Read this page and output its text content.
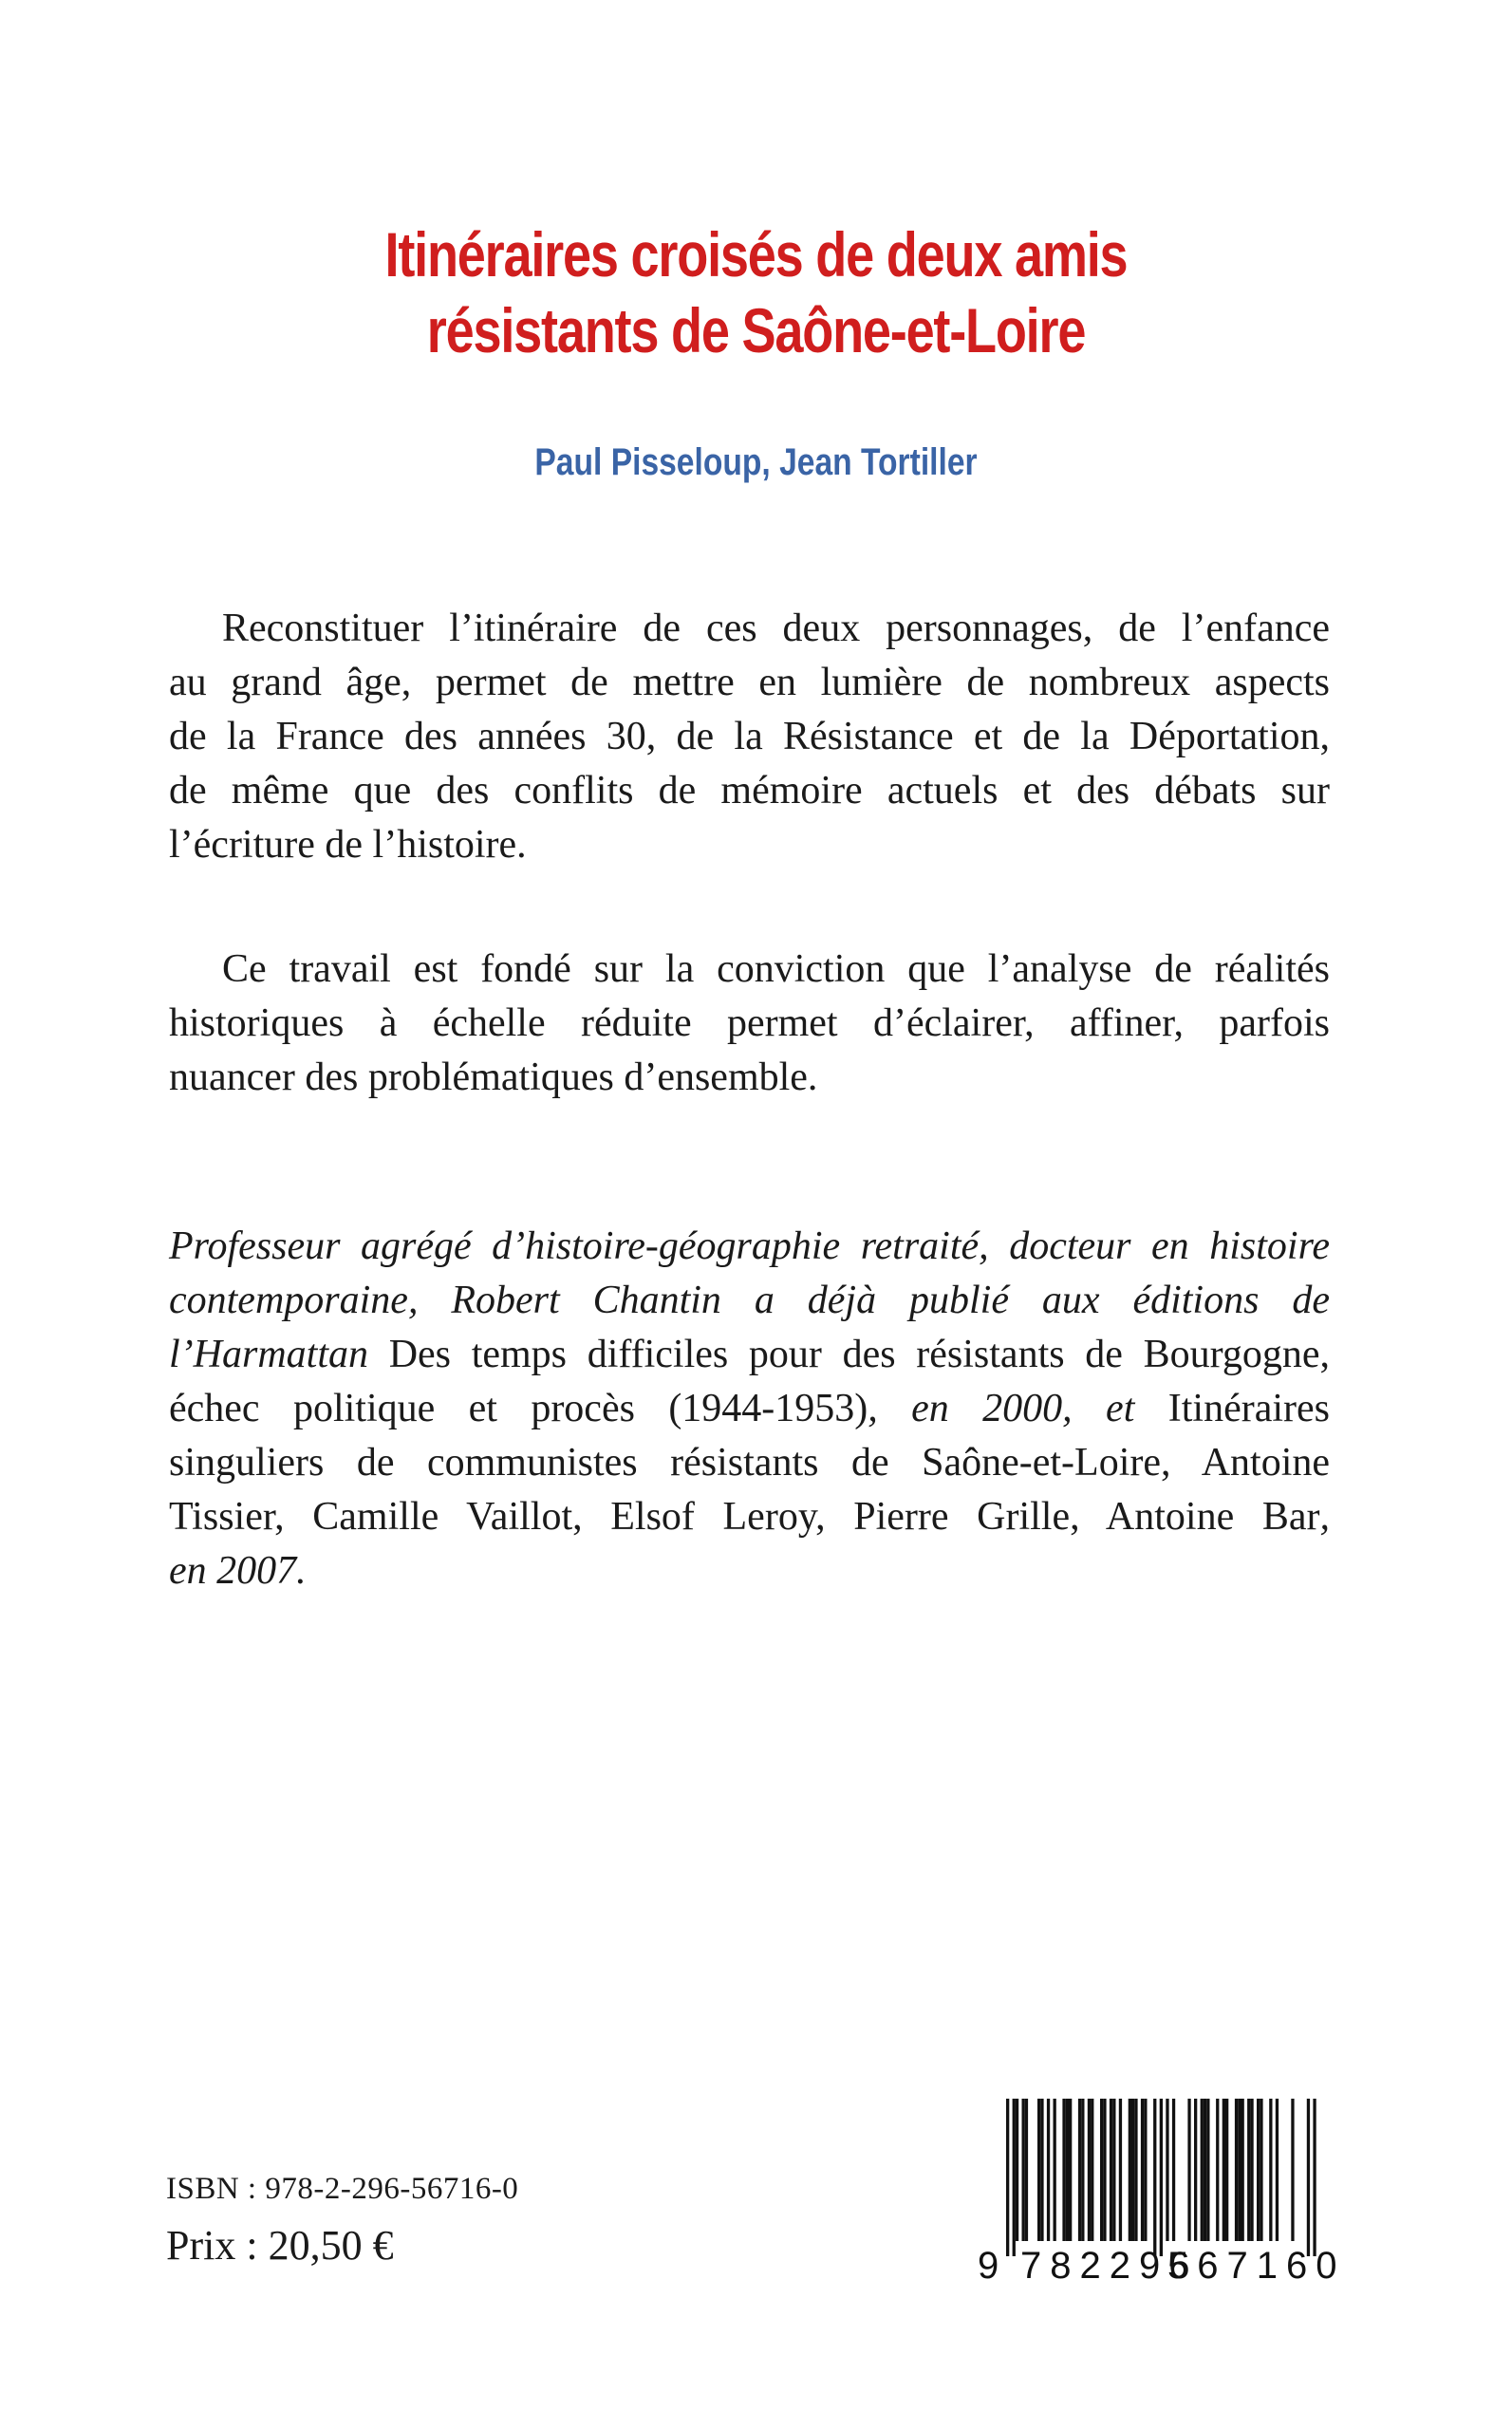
Itinéraires croisés de deux amis
résistants de Saône-et-Loire
Paul Pisseloup, Jean Tortiller
Reconstituer l’itinéraire de ces deux personnages, de l’enfance
au grand âge, permet de mettre en lumière de nombreux aspects
de la France des années 30, de la Résistance et de la Déportation,
de même que des conflits de mémoire actuels et des débats sur
l’écriture de l’histoire.
Ce travail est fondé sur la conviction que l’analyse de réalités
historiques à échelle réduite permet d’éclairer, affiner, parfois
nuancer des problématiques d’ensemble.
Professeur agrégé d’histoire-géographie retraité, docteur en histoire
contemporaine, Robert Chantin a déjà publié aux éditions de
l’Harmattan Des temps difficiles pour des résistants de Bourgogne,
échec politique et procès (1944-1953), en 2000, et Itinéraires
singuliers de communistes résistants de Saône-et-Loire, Antoine
Tissier, Camille Vaillot, Elsof Leroy, Pierre Grille, Antoine Bar,
en 2007.
ISBN : 978-2-296-56716-0
Prix : 20,50 €	9 782296
567160
